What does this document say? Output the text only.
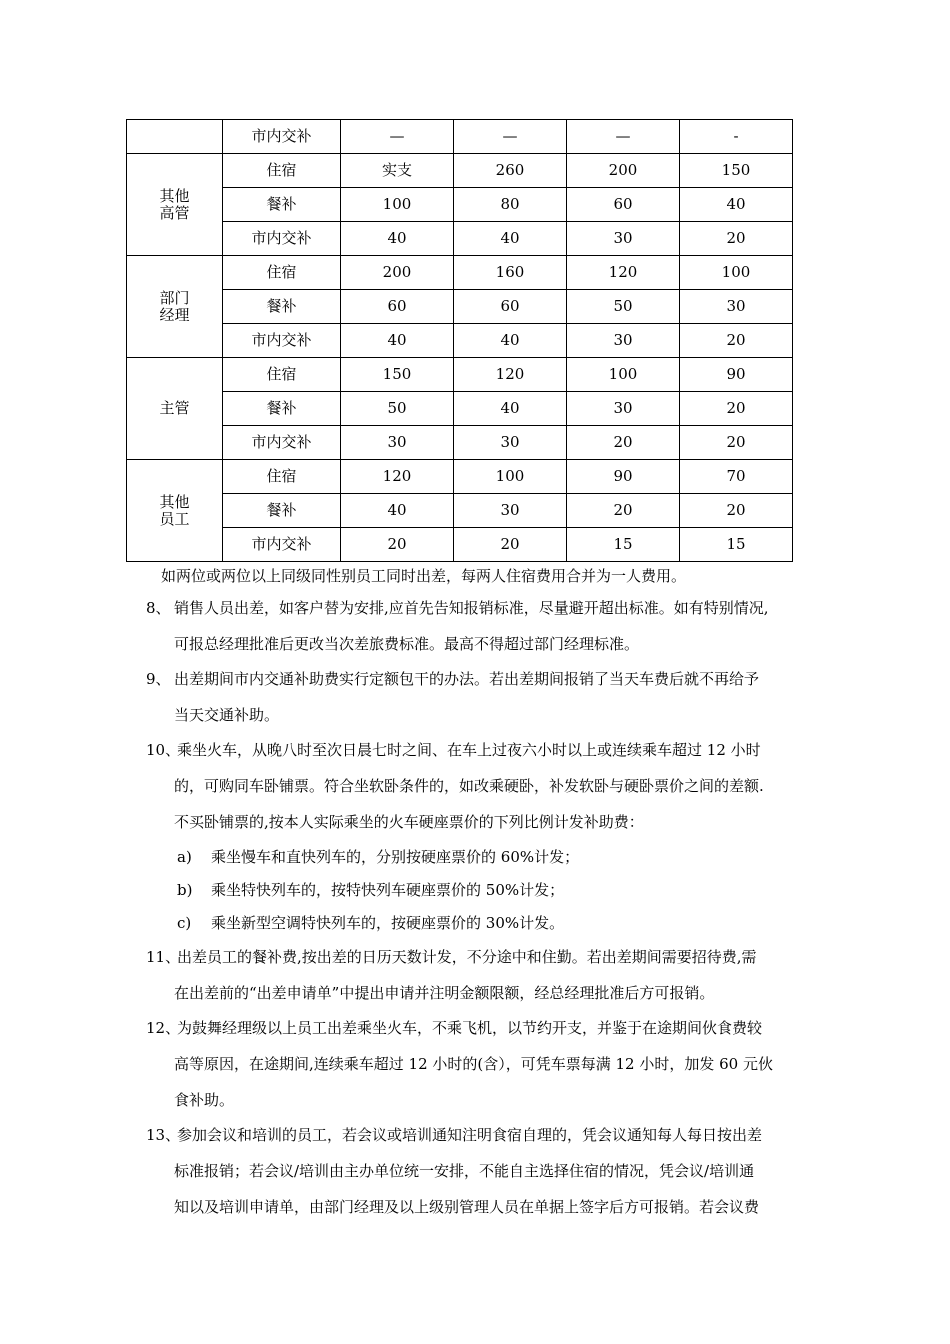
	市内交补	—	—	—	-
其他
高管	住宿	实支	260	200	150
	餐补	100	80	60	40
	市内交补	40	40	30	20
部门
经理	住宿	200	160	120	100
	餐补	60	60	50	30
	市内交补	40	40	30	20
主管	住宿	150	120	100	90
	餐补	50	40	30	20
	市内交补	30	30	20	20
其他
员工	住宿	120	100	90	70
	餐补	40	30	20	20
	市内交补	20	20	15	15
如两位或两位以上同级同性别员工同时出差，每两人住宿费用合并为一人费用。
8、 销售人员出差，如客户替为安排,应首先告知报销标准，尽量避开超出标准。如有特别情况,
可报总经理批准后更改当次差旅费标准。最高不得超过部门经理标准。
9、 出差期间市内交通补助费实行定额包干的办法。若出差期间报销了当天车费后就不再给予
当天交通补助。
10、
乘坐火车，从晚八时至次日晨七时之间、在车上过夜六小时以上或连续乘车超过 12 小时
的，可购同车卧铺票。符合坐软卧条件的，如改乘硬卧，补发软卧与硬卧票价之间的差额.
不买卧铺票的,按本人实际乘坐的火车硬座票价的下列比例计发补助费：
a) 乘坐慢车和直快列车的，分别按硬座票价的 60%计发；
b) 乘坐特快列车的，按特快列车硬座票价的 50%计发；
c) 乘坐新型空调特快列车的，按硬座票价的 30%计发。
11、
出差员工的餐补费,按出差的日历天数计发，不分途中和住勤。若出差期间需要招待费,需
在出差前的“出差申请单”中提出申请并注明金额限额，经总经理批准后方可报销。
12、
为鼓舞经理级以上员工出差乘坐火车，不乘飞机，以节约开支，并鉴于在途期间伙食费较
高等原因，在途期间,连续乘车超过 12 小时的(含），可凭车票每满 12 小时，加发 60 元伙
食补助。
13、
参加会议和培训的员工，若会议或培训通知注明食宿自理的，凭会议通知每人每日按出差
标准报销；若会议/培训由主办单位统一安排，不能自主选择住宿的情况，凭会议/培训通
知以及培训申请单，由部门经理及以上级别管理人员在单据上签字后方可报销。若会议费
